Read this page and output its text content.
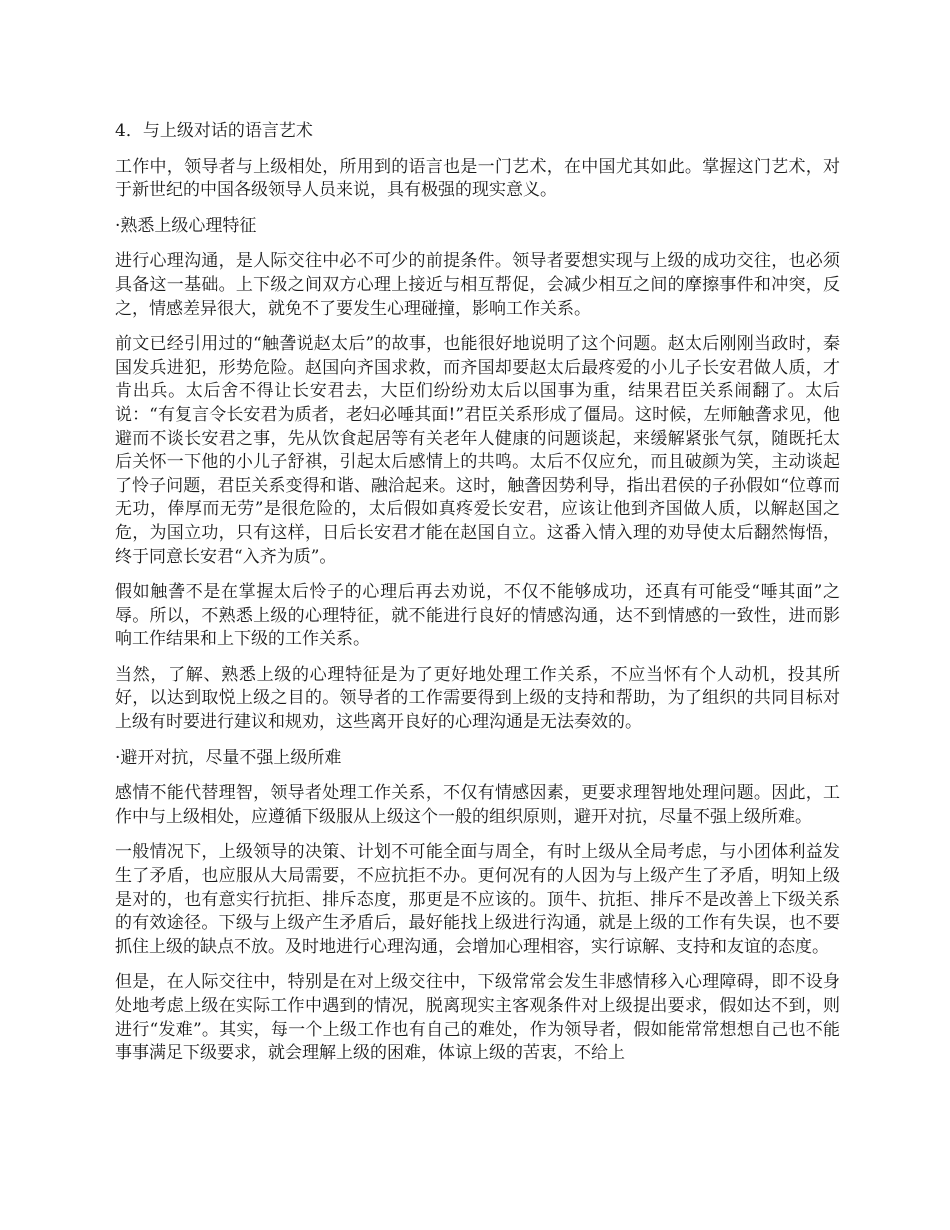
4．与上级对话的语言艺术
工作中，领导者与上级相处，所用到的语言也是一门艺术，在中国尤其如此。掌握这门艺术，对于新世纪的中国各级领导人员来说，具有极强的现实意义。
·熟悉上级心理特征
进行心理沟通，是人际交往中必不可少的前提条件。领导者要想实现与上级的成功交往，也必须具备这一基础。上下级之间双方心理上接近与相互帮促，会减少相互之间的摩擦事件和冲突，反之，情感差异很大，就免不了要发生心理碰撞，影响工作关系。
前文已经引用过的“触詟说赵太后”的故事，也能很好地说明了这个问题。赵太后刚刚当政时，秦国发兵进犯，形势危险。赵国向齐国求救，而齐国却要赵太后最疼爱的小儿子长安君做人质，才肯出兵。太后舍不得让长安君去，大臣们纷纷劝太后以国事为重，结果君臣关系闹翻了。太后说：“有复言令长安君为质者，老妇必唾其面!”君臣关系形成了僵局。这时候，左师触詟求见，他避而不谈长安君之事，先从饮食起居等有关老年人健康的问题谈起，来缓解紧张气氛，随既托太后关怀一下他的小儿子舒祺，引起太后感情上的共鸣。太后不仅应允，而且破颜为笑，主动谈起了怜子问题，君臣关系变得和谐、融洽起来。这时，触詟因势利导，指出君侯的子孙假如“位尊而无功，俸厚而无劳”是很危险的，太后假如真疼爱长安君，应该让他到齐国做人质，以解赵国之危，为国立功，只有这样，日后长安君才能在赵国自立。这番入情入理的劝导使太后翻然悔悟，终于同意长安君“入齐为质”。
假如触詟不是在掌握太后怜子的心理后再去劝说，不仅不能够成功，还真有可能受“唾其面”之辱。所以，不熟悉上级的心理特征，就不能进行良好的情感沟通，达不到情感的一致性，进而影响工作结果和上下级的工作关系。
当然，了解、熟悉上级的心理特征是为了更好地处理工作关系，不应当怀有个人动机，投其所好，以达到取悦上级之目的。领导者的工作需要得到上级的支持和帮助，为了组织的共同目标对上级有时要进行建议和规劝，这些离开良好的心理沟通是无法奏效的。
·避开对抗，尽量不强上级所难
感情不能代替理智，领导者处理工作关系，不仅有情感因素，更要求理智地处理问题。因此，工作中与上级相处，应遵循下级服从上级这个一般的组织原则，避开对抗，尽量不强上级所难。
一般情况下，上级领导的决策、计划不可能全面与周全，有时上级从全局考虑，与小团体利益发生了矛盾，也应服从大局需要，不应抗拒不办。更何况有的人因为与上级产生了矛盾，明知上级是对的，也有意实行抗拒、排斥态度，那更是不应该的。顶牛、抗拒、排斥不是改善上下级关系的有效途径。下级与上级产生矛盾后，最好能找上级进行沟通，就是上级的工作有失误，也不要抓住上级的缺点不放。及时地进行心理沟通，会增加心理相容，实行谅解、支持和友谊的态度。
但是，在人际交往中，特别是在对上级交往中，下级常常会发生非感情移入心理障碍，即不设身处地考虑上级在实际工作中遇到的情况，脱离现实主客观条件对上级提出要求，假如达不到，则进行“发难”。其实，每一个上级工作也有自己的难处，作为领导者，假如能常常想想自己也不能事事满足下级要求，就会理解上级的困难，体谅上级的苦衷，不给上
